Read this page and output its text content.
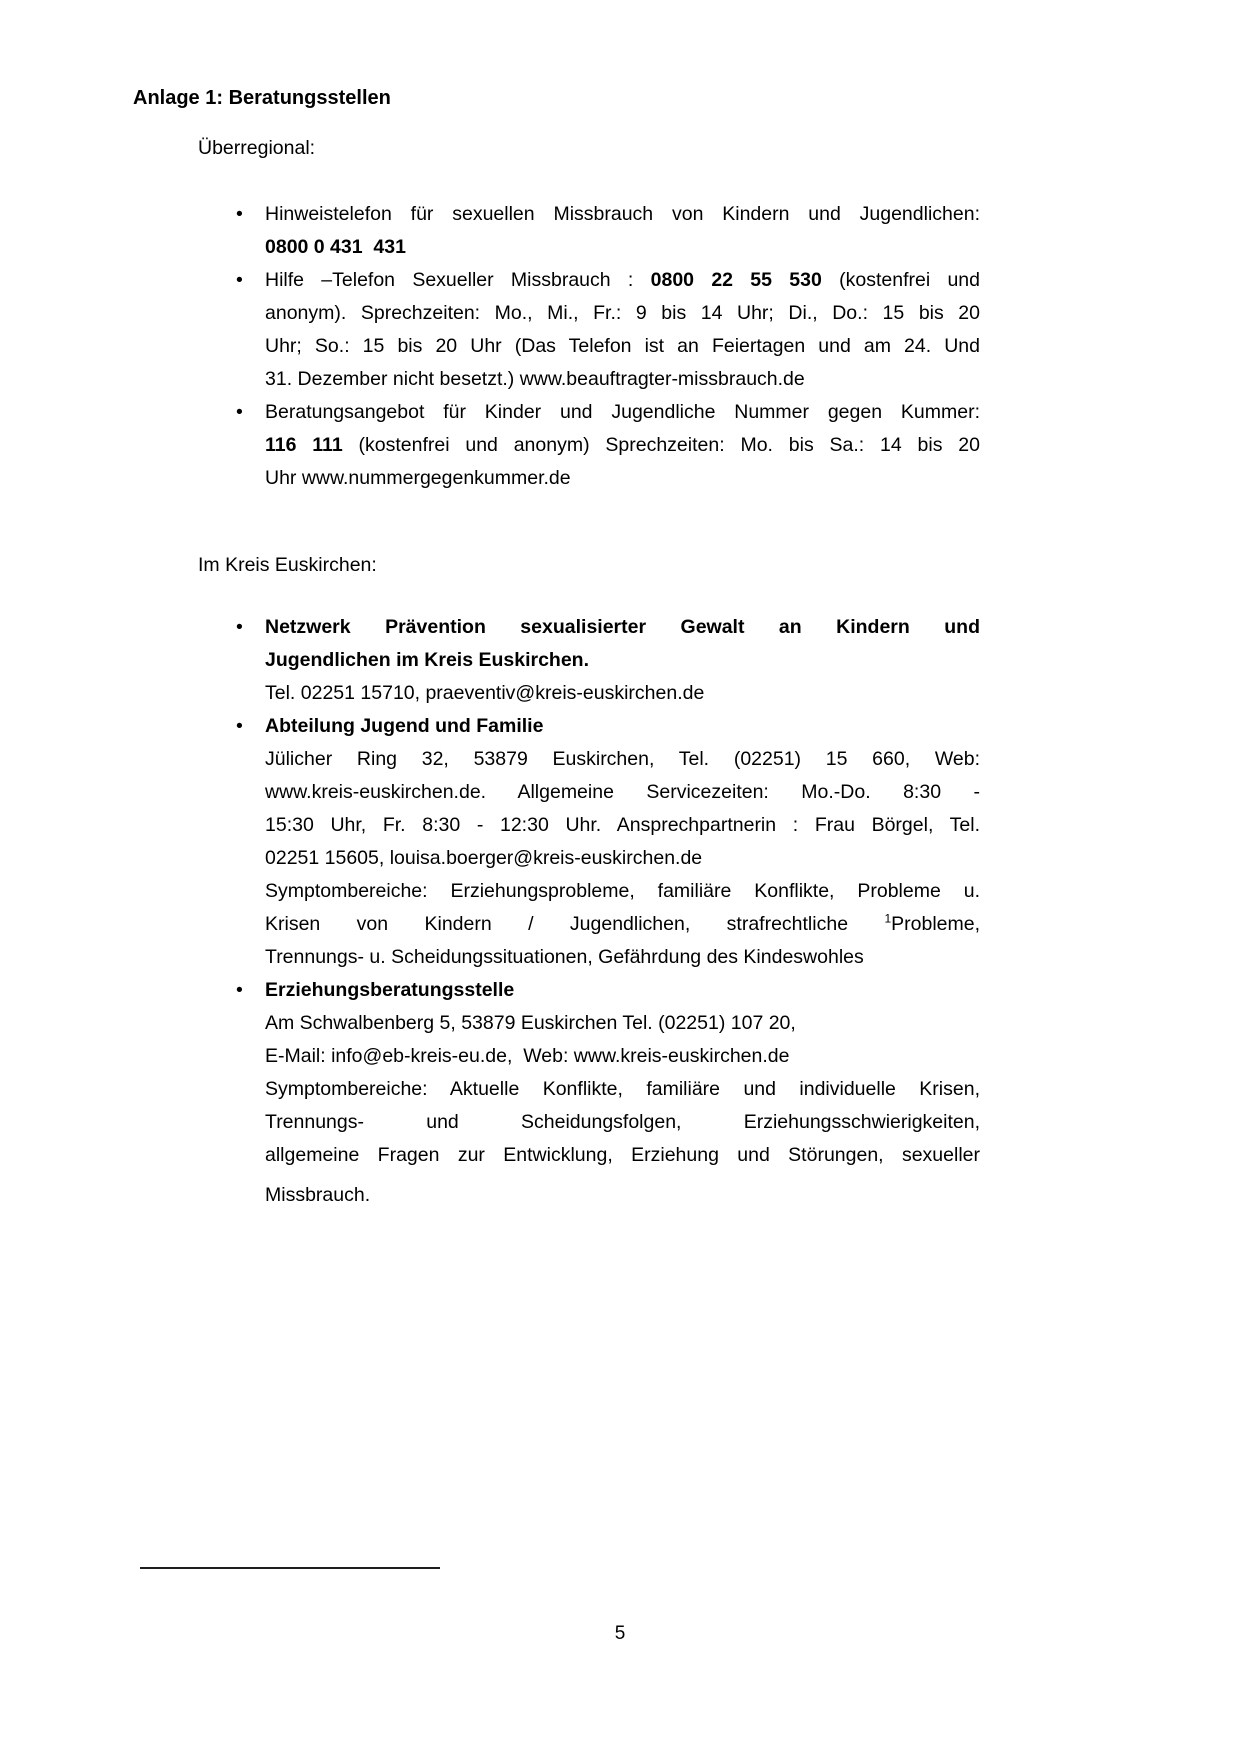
Anlage 1: Beratungsstellen
Überregional:
•	Hinweistelefon für sexuellen Missbrauch von Kindern und Jugendlichen:
0800 0 431  431
•	Hilfe –Telefon Sexueller Missbrauch : 0800 22 55 530 (kostenfrei und
anonym). Sprechzeiten: Mo., Mi., Fr.: 9 bis 14 Uhr; Di., Do.: 15 bis 20
Uhr; So.: 15 bis 20 Uhr (Das Telefon ist an Feiertagen und am 24. Und
31. Dezember nicht besetzt.) www.beauftragter-missbrauch.de
•	Beratungsangebot für Kinder und Jugendliche Nummer gegen Kummer:
116 111 (kostenfrei und anonym) Sprechzeiten: Mo. bis Sa.: 14 bis 20
Uhr www.nummergegenkummer.de
Im Kreis Euskirchen:
•	Netzwerk Prävention sexualisierter Gewalt an Kindern und
Jugendlichen im Kreis Euskirchen.
Tel. 02251 15710, praeventiv@kreis-euskirchen.de
•	Abteilung Jugend und Familie
Jülicher Ring 32, 53879 Euskirchen, Tel. (02251) 15 660, Web:
www.kreis-euskirchen.de. Allgemeine Servicezeiten: Mo.-Do. 8:30 -
15:30 Uhr, Fr. 8:30 - 12:30 Uhr. Ansprechpartnerin : Frau Börgel, Tel.
02251 15605, louisa.boerger@kreis-euskirchen.de
Symptombereiche: Erziehungsprobleme, familiäre Konflikte, Probleme u.
Krisen von Kindern / Jugendlichen, strafrechtliche $^1$Probleme,
Trennungs- u. Scheidungssituationen, Gefährdung des Kindeswohles
•	Erziehungsberatungsstelle
Am Schwalbenberg 5, 53879 Euskirchen Tel. (02251) 107 20,
E-Mail: info@eb-kreis-eu.de,  Web: www.kreis-euskirchen.de
Symptombereiche: Aktuelle Konflikte, familiäre und individuelle Krisen,
Trennungs- und Scheidungsfolgen, Erziehungsschwierigkeiten,
allgemeine Fragen zur Entwicklung, Erziehung und Störungen, sexueller
Missbrauch.
5
